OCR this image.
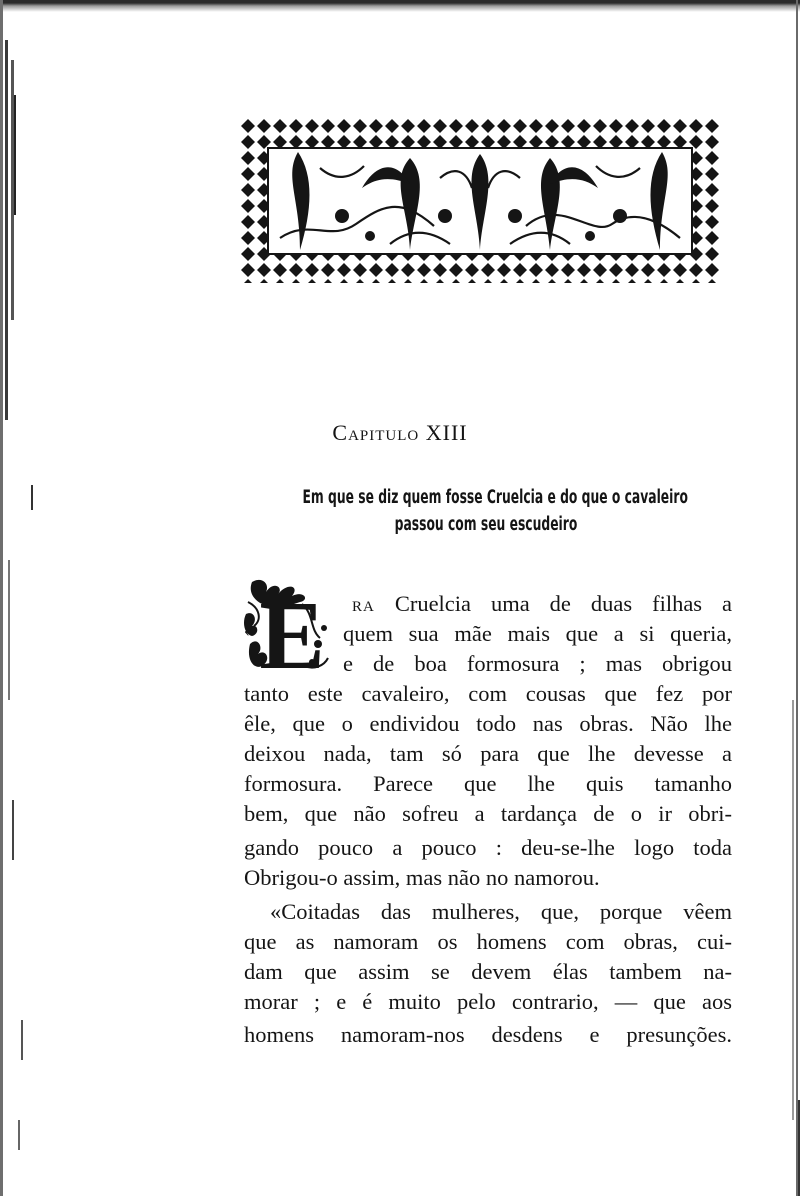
Capitulo XIII
Em que se diz quem fosse Cruelcia e do que o cavaleiro
passou com seu escudeiro
E
«
RA Cruelcia uma de duas filhas a
quem sua mãe mais que a si queria,
e de boa formosura ; mas obrigou
tanto este cavaleiro, com cousas que fez por
êle, que o endividou todo nas obras. Não lhe
deixou nada, tam só para que lhe devesse a
formosura. Parece que lhe quis tamanho
bem, que não sofreu a tardança de o ir obri-
gando pouco a pouco : deu-se-lhe logo toda
Obrigou-o assim, mas não no namorou.
«Coitadas das mulheres, que, porque vêem
que as namoram os homens com obras, cui-
dam que assim se devem élas tambem na-
morar ; e é muito pelo contrario, — que aos
homens namoram-nos desdens e presunções.
